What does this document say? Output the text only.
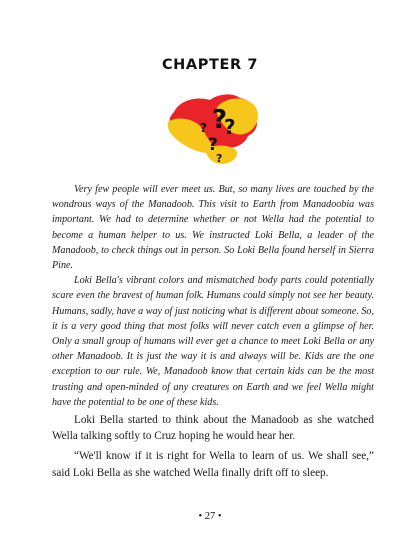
CHAPTER 7
?
?
?
?
?

Very few people will ever meet us. But, so many lives are touched by the wondrous ways of the Manadoob. This visit to Earth from Manadoobia was important. We had to determine whether or not Wella had the potential to become a human helper to us. We instructed Loki Bella, a leader of the Manadoob, to check things out in person. So Loki Bella found herself in Sierra Pine.

Loki Bella's vibrant colors and mismatched body parts could potentially scare even the bravest of human folk. Humans could simply not see her beauty. Humans, sadly, have a way of just noticing what is different about someone. So, it is a very good thing that most folks will never catch even a glimpse of her. Only a small group of humans will ever get a chance to meet Loki Bella or any other Manadoob. It is just the way it is and always will be. Kids are the one exception to our rule. We, Manadoob know that certain kids can be the most trusting and open-minded of any creatures on Earth and we feel Wella might have the potential to be one of these kids.

Loki Bella started to think about the Manadoob as she watched Wella talking softly to Cruz hoping he would hear her.

“We'll know if it is right for Wella to learn of us. We shall see,” said Loki Bella as she watched Wella finally drift off to sleep.

• 27 •
